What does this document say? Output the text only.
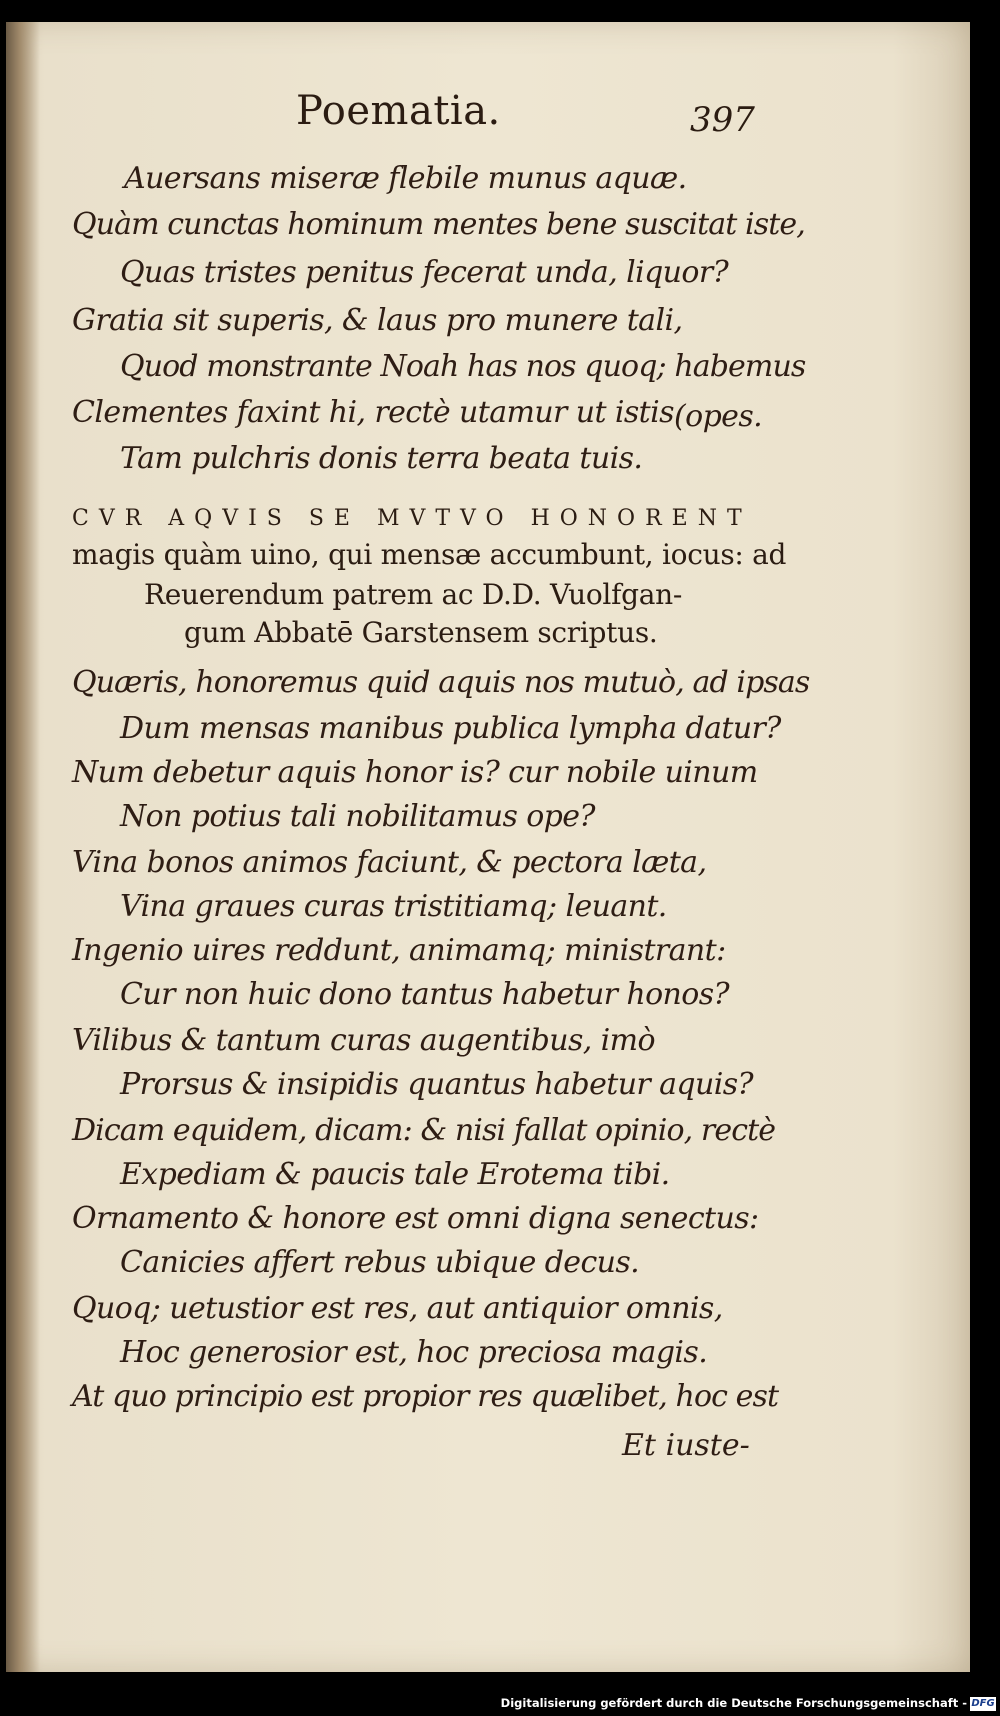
Poematia.	397
Auersans miseræ flebile munus aquæ.
Quàm cunctas hominum mentes bene suscitat iste,
Quas tristes penitus fecerat unda, liquor?
Gratia sit superis, & laus pro munere tali,
Quod monstrante Noah has nos quoq; habemus
Clementes faxint hi, rectè utamur ut istis (opes.
Tam pulchris donis terra beata tuis.
CVR AQVIS SE MVTVO HONORENT
magis quàm uino, qui mensæ accumbunt, iocus: ad
Reuerendum patrem ac D.D. Vuolfgan-
gum Abbatē Garstensem scriptus.
Quæris, honoremus quid aquis nos mutuò, ad ipsas
Dum mensas manibus publica lympha datur?
Num debetur aquis honor is? cur nobile uinum
Non potius tali nobilitamus ope?
Vina bonos animos faciunt, & pectora læta,
Vina graues curas tristitiamq; leuant.
Ingenio uires reddunt, animamq; ministrant:
Cur non huic dono tantus habetur honos?
Vilibus & tantum curas augentibus, imò
Prorsus & insipidis quantus habetur aquis?
Dicam equidem, dicam: & nisi fallat opinio, rectè
Expediam & paucis tale Erotema tibi.
Ornamento & honore est omni digna senectus:
Canicies affert rebus ubique decus.
Quoq; uetustior est res, aut antiquior omnis,
Hoc generosior est, hoc preciosa magis.
At quo principio est propior res quælibet, hoc est
Et iuste-
Digitalisierung gefördert durch die Deutsche Forschungsgemeinschaft - DFG
